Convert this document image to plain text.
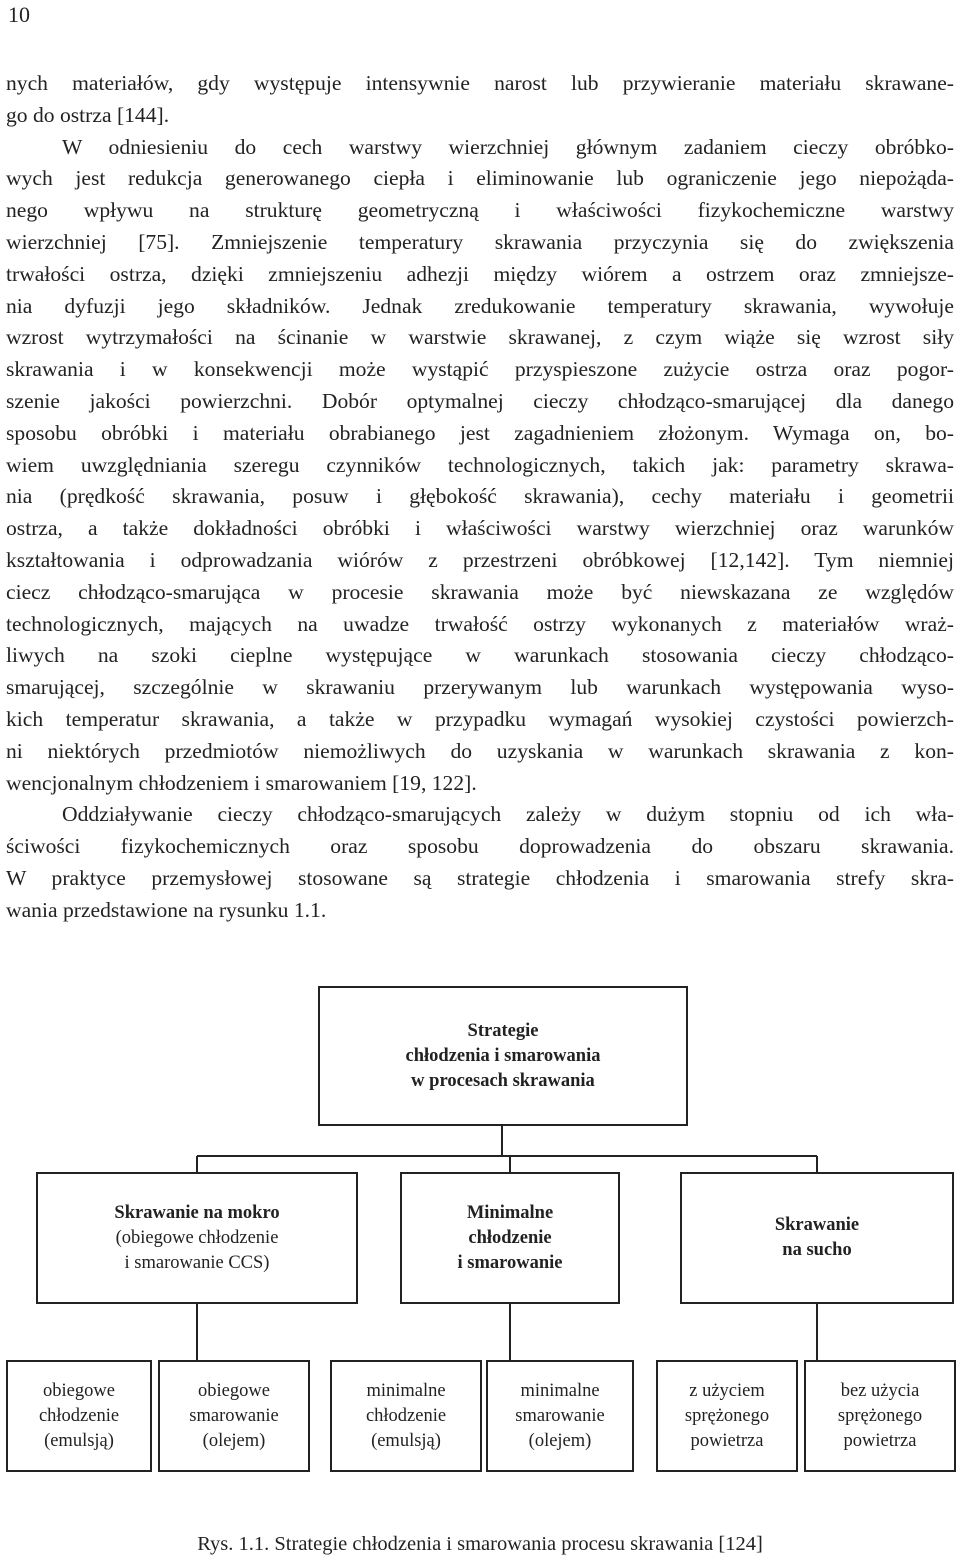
10
nych materiałów, gdy występuje intensywnie narost lub przywieranie materiału skrawane-
go do ostrza [144].
W odniesieniu do cech warstwy wierzchniej głównym zadaniem cieczy obróbko-
wych jest redukcja generowanego ciepła i eliminowanie lub ograniczenie jego niepożąda-
nego wpływu na strukturę geometryczną i właściwości fizykochemiczne warstwy
wierzchniej [75]. Zmniejszenie temperatury skrawania przyczynia się do zwiększenia
trwałości ostrza, dzięki zmniejszeniu adhezji między wiórem a ostrzem oraz zmniejsze-
nia dyfuzji jego składników. Jednak zredukowanie temperatury skrawania, wywołuje
wzrost wytrzymałości na ścinanie w warstwie skrawanej, z czym wiąże się wzrost siły
skrawania i w konsekwencji może wystąpić przyspieszone zużycie ostrza oraz pogor-
szenie jakości powierzchni. Dobór optymalnej cieczy chłodząco-smarującej dla danego
sposobu obróbki i materiału obrabianego jest zagadnieniem złożonym. Wymaga on, bo-
wiem uwzględniania szeregu czynników technologicznych, takich jak: parametry skrawa-
nia (prędkość skrawania, posuw i głębokość skrawania), cechy materiału i geometrii
ostrza, a także dokładności obróbki i właściwości warstwy wierzchniej oraz warunków
kształtowania i odprowadzania wiórów z przestrzeni obróbkowej [12,142]. Tym niemniej
ciecz chłodząco-smarująca w procesie skrawania może być niewskazana ze względów
technologicznych, mających na uwadze trwałość ostrzy wykonanych z materiałów wraż-
liwych na szoki cieplne występujące w warunkach stosowania cieczy chłodząco-
smarującej, szczególnie w skrawaniu przerywanym lub warunkach występowania wyso-
kich temperatur skrawania, a także w przypadku wymagań wysokiej czystości powierzch-
ni niektórych przedmiotów niemożliwych do uzyskania w warunkach skrawania z kon-
wencjonalnym chłodzeniem i smarowaniem [19, 122].
Oddziaływanie cieczy chłodząco-smarujących zależy w dużym stopniu od ich wła-
ściwości fizykochemicznych oraz sposobu doprowadzenia do obszaru skrawania.
W praktyce przemysłowej stosowane są strategie chłodzenia i smarowania strefy skra-
wania przedstawione na rysunku 1.1.
Strategie
chłodzenia i smarowania
w procesach skrawania
Skrawanie na mokro
(obiegowe chłodzenie
i smarowanie CCS)
Minimalne
chłodzenie
i smarowanie
Skrawanie
na sucho
obiegowe
chłodzenie
(emulsją)
obiegowe
smarowanie
(olejem)
minimalne
chłodzenie
(emulsją)
minimalne
smarowanie
(olejem)
z użyciem
sprężonego
powietrza
bez użycia
sprężonego
powietrza
Rys. 1.1. Strategie chłodzenia i smarowania procesu skrawania [124]
